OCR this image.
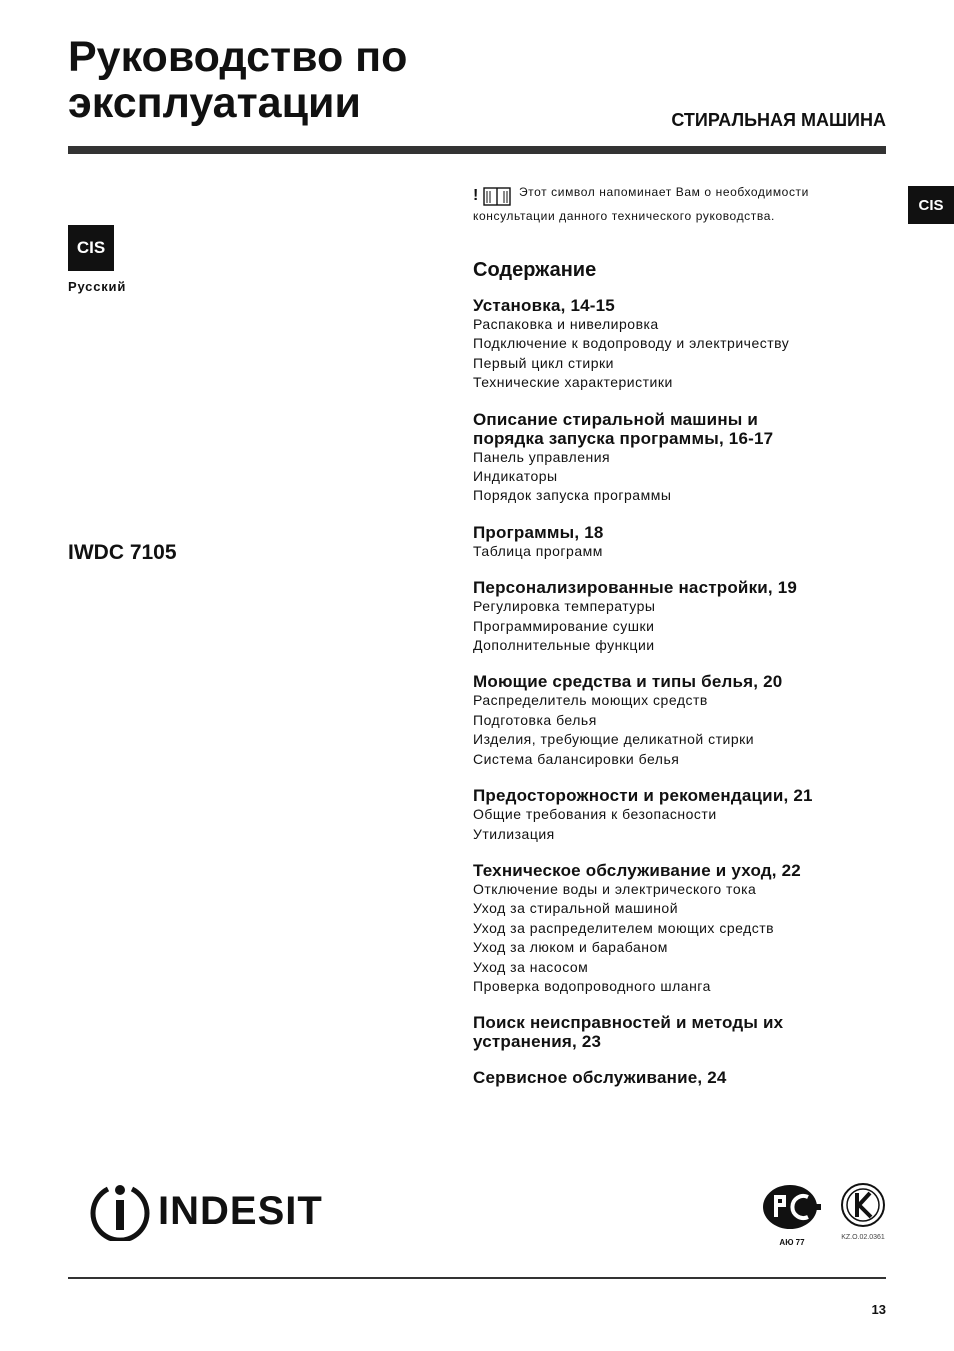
Руководство по
эксплуатации	СТИРАЛЬНАЯ МАШИНА
CIS
CIS
Русский
IWDC 7105
!	Этот символ напоминает Вам о необходимости консультации данного технического руководства.
Содержание
Установка, 14-15
Распаковка и нивелировка
Подключение к водопроводу и электричеству
Первый цикл стирки
Технические характеристики
Описание стиральной машины и
порядка запуска программы, 16-17
Панель управления
Индикаторы
Порядок запуска программы
Программы, 18
Таблица программ
Персонализированные настройки, 19
Регулировка температуры
Программирование сушки
Дополнительные функции
Моющие средства и типы белья, 20
Распределитель моющих средств
Подготовка белья
Изделия, требующие деликатной стирки
Система балансировки белья
Предосторожности и рекомендации, 21
Общие требования к безопасности
Утилизация
Техническое обслуживание и уход, 22
Отключение воды и электрического тока
Уход за стиральной машиной
Уход за распределителем моющих средств
Уход за люком и барабаном
Уход за насосом
Проверка водопроводного шланга
Поиск неисправностей и методы их
устранения, 23
Сервисное обслуживание, 24
INDESIT
АЮ 77
KZ.O.02.0361
13
